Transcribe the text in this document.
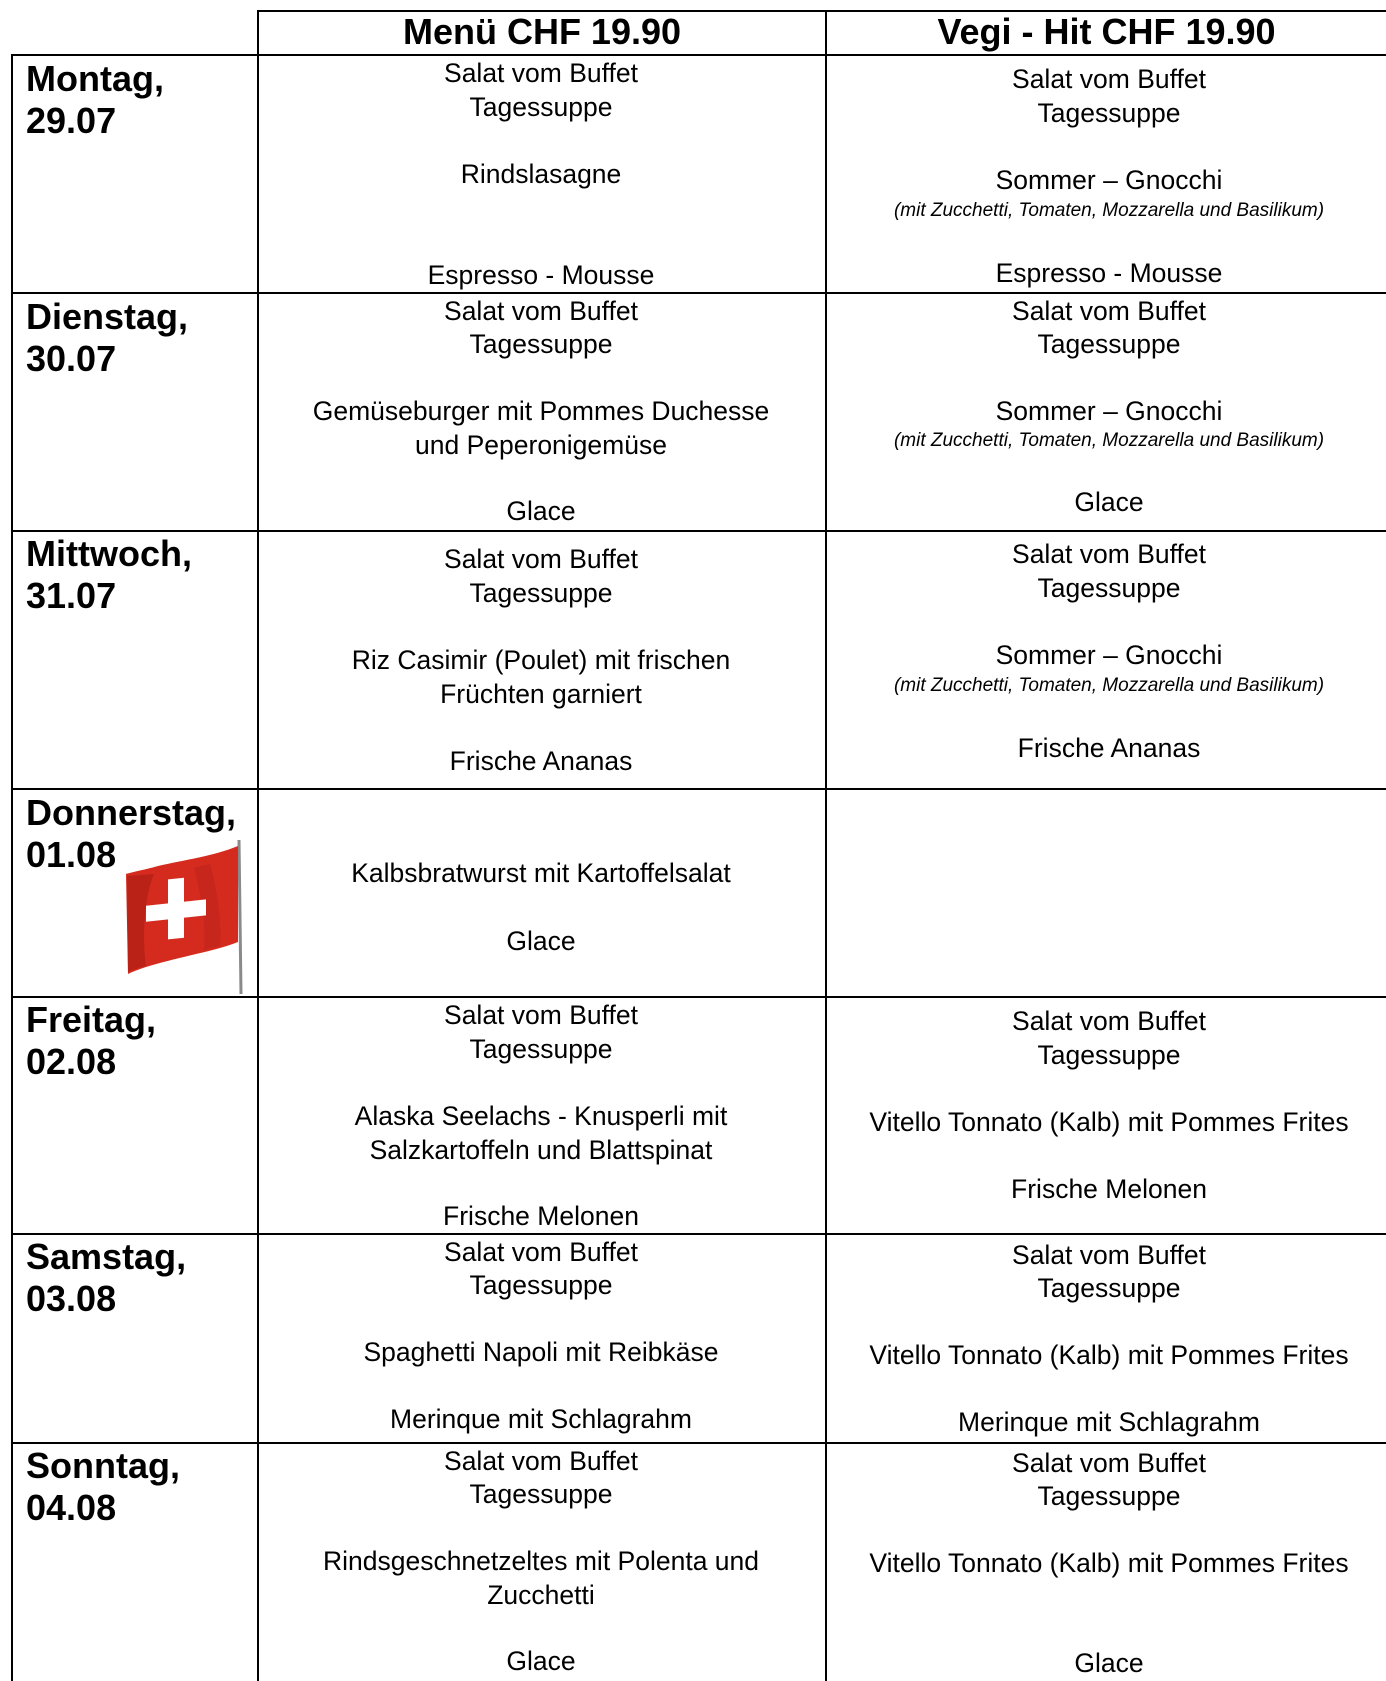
Menü CHF 19.90	Vegi - Hit CHF 19.90
Montag,
29.07
Salat vom Buffet
Tagessuppe
Rindslasagne
Espresso - Mousse
Salat vom Buffet
Tagessuppe
Sommer – Gnocchi
(mit Zucchetti, Tomaten, Mozzarella und Basilikum)
Espresso - Mousse
Dienstag,
30.07
Salat vom Buffet
Tagessuppe
Gemüseburger mit Pommes Duchesse
und Peperonigemüse
Glace
Salat vom Buffet
Tagessuppe
Sommer – Gnocchi
(mit Zucchetti, Tomaten, Mozzarella und Basilikum)
Glace
Mittwoch,
31.07
Salat vom Buffet
Tagessuppe
Riz Casimir (Poulet) mit frischen
Früchten garniert
Frische Ananas
Salat vom Buffet
Tagessuppe
Sommer – Gnocchi
(mit Zucchetti, Tomaten, Mozzarella und Basilikum)
Frische Ananas
Donnerstag,
01.08	Kalbsbratwurst mit Kartoffelsalat
Glace
Freitag,
02.08
Salat vom Buffet
Tagessuppe
Alaska Seelachs - Knusperli mit
Salzkartoffeln und Blattspinat
Frische Melonen
Salat vom Buffet
Tagessuppe
Vitello Tonnato (Kalb) mit Pommes Frites
Frische Melonen
Samstag,
03.08
Salat vom Buffet
Tagessuppe
Spaghetti Napoli mit Reibkäse
Merinque mit Schlagrahm
Salat vom Buffet
Tagessuppe
Vitello Tonnato (Kalb) mit Pommes Frites
Merinque mit Schlagrahm
Sonntag,
04.08
Salat vom Buffet
Tagessuppe
Rindsgeschnetzeltes mit Polenta und
Zucchetti
Glace
Salat vom Buffet
Tagessuppe
Vitello Tonnato (Kalb) mit Pommes Frites
Glace
